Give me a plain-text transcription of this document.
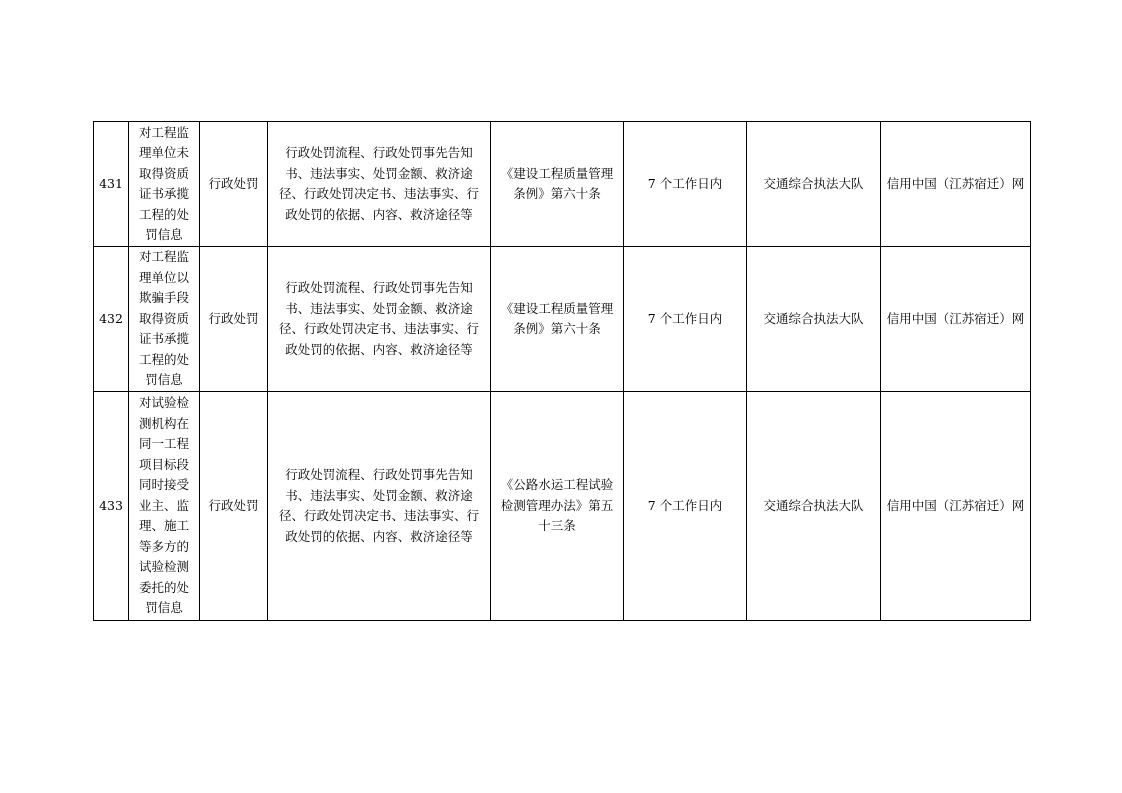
431	对工程监理单位未取得资质证书承揽工程的处罚信息	行政处罚	行政处罚流程、行政处罚事先告知书、违法事实、处罚金额、救济途径、行政处罚决定书、违法事实、行政处罚的依据、内容、救济途径等	《建设工程质量管理条例》第六十条	7 个工作日内	交通综合执法大队	信用中国（江苏宿迁）网
432	对工程监理单位以欺骗手段取得资质证书承揽工程的处罚信息	行政处罚	行政处罚流程、行政处罚事先告知书、违法事实、处罚金额、救济途径、行政处罚决定书、违法事实、行政处罚的依据、内容、救济途径等	《建设工程质量管理条例》第六十条	7 个工作日内	交通综合执法大队	信用中国（江苏宿迁）网
433	对试验检测机构在同一工程项目标段同时接受业主、监理、施工等多方的试验检测委托的处罚信息	行政处罚	行政处罚流程、行政处罚事先告知书、违法事实、处罚金额、救济途径、行政处罚决定书、违法事实、行政处罚的依据、内容、救济途径等	《公路水运工程试验检测管理办法》第五十三条	7 个工作日内	交通综合执法大队	信用中国（江苏宿迁）网
